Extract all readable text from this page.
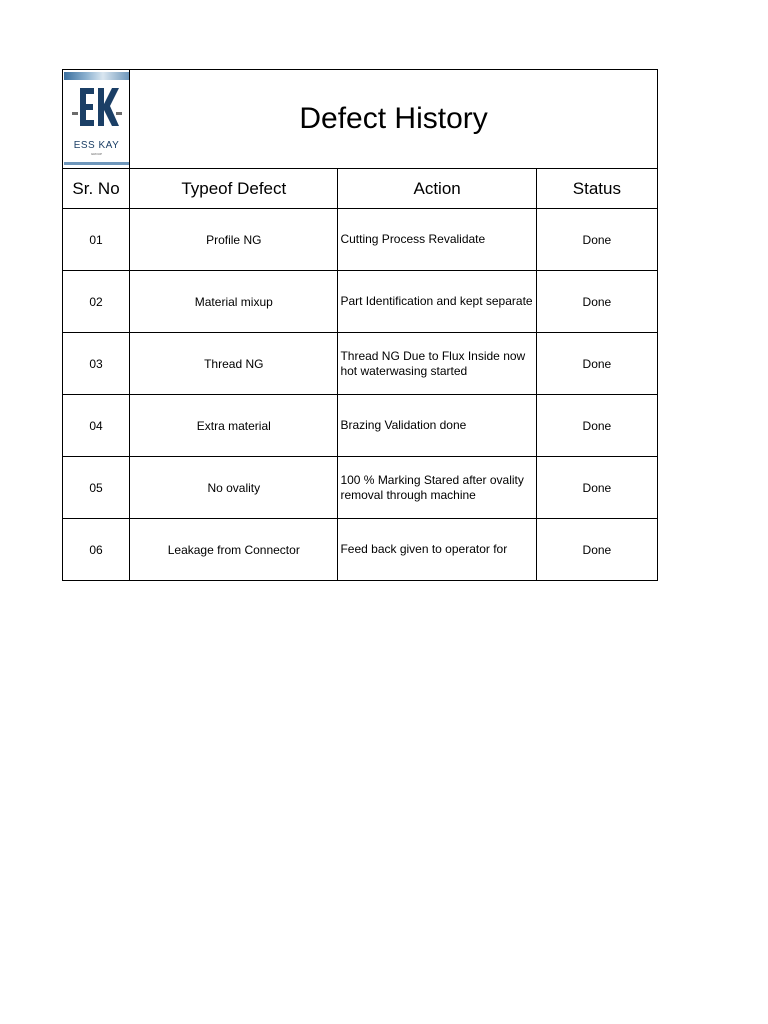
ESS KAY
GROUP	Defect History		
Sr. No	Typeof Defect	Action	Status
01	Profile NG	Cutting Process Revalidate	Done
02	Material mixup	Part Identification and kept separate	Done
03	Thread NG	Thread NG Due to Flux Inside now hot waterwasing started	Done
04	Extra material	Brazing Validation done	Done
05	No ovality	100 % Marking Stared after ovality removal through machine	Done
06	Leakage from Connector	Feed back given to operator for	Done
